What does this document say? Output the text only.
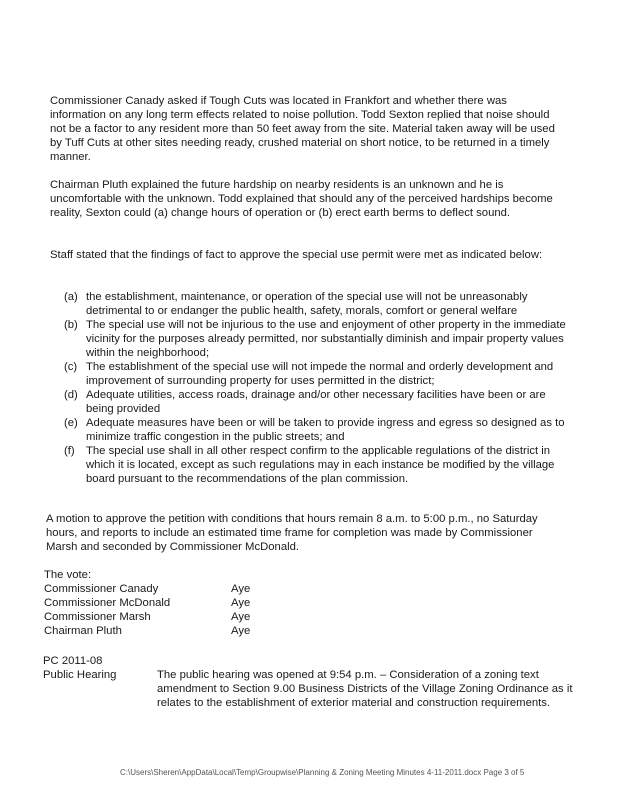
Commissioner Canady asked if Tough Cuts was located in Frankfort and whether there was information on any long term effects related to noise pollution. Todd Sexton replied that noise should not be a factor to any resident more than 50 feet away from the site. Material taken away will be used by Tuff Cuts at other sites needing ready, crushed material on short notice, to be returned in a timely manner.

Chairman Pluth explained the future hardship on nearby residents is an unknown and he is uncomfortable with the unknown. Todd explained that should any of the perceived hardships become reality, Sexton could (a) change hours of operation or (b) erect earth berms to deflect sound.

Staff stated that the findings of fact to approve the special use permit were met as indicated below:

(a) the establishment, maintenance, or operation of the special use will not be unreasonably detrimental to or endanger the public health, safety, morals, comfort or general welfare
(b) The special use will not be injurious to the use and enjoyment of other property in the immediate vicinity for the purposes already permitted, nor substantially diminish and impair property values within the neighborhood;
(c) The establishment of the special use will not impede the normal and orderly development and improvement of surrounding property for uses permitted in the district;
(d) Adequate utilities, access roads, drainage and/or other necessary facilities have been or are being provided
(e) Adequate measures have been or will be taken to provide ingress and egress so designed as to minimize traffic congestion in the public streets; and
(f) The special use shall in all other respect confirm to the applicable regulations of the district in which it is located, except as such regulations may in each instance be modified by the village board pursuant to the recommendations of the plan commission.

A motion to approve the petition with conditions that hours remain 8 a.m. to 5:00 p.m., no Saturday hours, and reports to include an estimated time frame for completion was made by Commissioner Marsh and seconded by Commissioner McDonald.

The vote:
Commissioner Canady	Aye
Commissioner McDonald	Aye
Commissioner Marsh	Aye
Chairman Pluth	Aye
PC 2011-08
Public Hearing	The public hearing was opened at 9:54 p.m. – Consideration of a zoning text amendment to Section 9.00 Business Districts of the Village Zoning Ordinance as it relates to the establishment of exterior material and construction requirements.
C:\Users\Sheren\AppData\Local\Temp\Groupwise\Planning & Zoning Meeting Minutes 4-11-2011.docx Page 3 of 5
